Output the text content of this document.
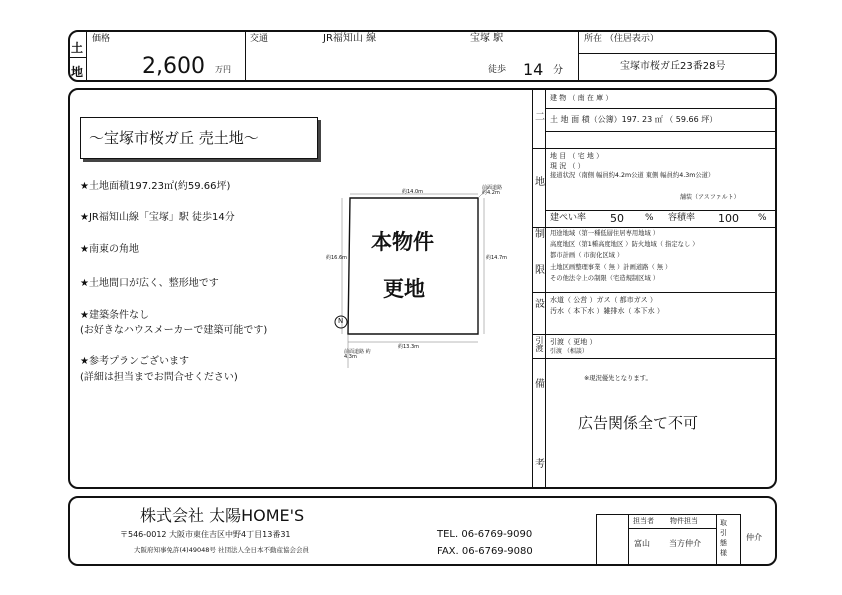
土地
価格
2,600 万円
交通	JR福知山 線	宝塚 駅
徒歩 14 分
所在 （住居表示）
宝塚市桜ガ丘23番28号
〜宝塚市桜ガ丘 売土地〜
★土地面積197.23㎡(約59.66坪)
★JR福知山線「宝塚」駅 徒歩14分
★南東の角地
★土地間口が広く、整形地です
★建築条件なし
(お好きなハウスメーカーで建築可能です)
★参考プランございます
(詳細は担当までお問合せください)
N
約14.0m
約16.6m	約14.7m
約13.3m
前面道路 約4.2m
前面道路 約4.3m
本物件
更地
二
地
制
限
設
引渡
備
考
建 物 （ 南 在 庫 ）
土 地 面 積（公簿）197. 23 ㎡ （ 59.66 坪）
地 目 （ 宅 地 ）
現 況 （ ）
接道状況（南側 幅員約4.2m公道 東側 幅員約4.3m公道）
舗装（アスファルト）
建ぺい率 50 % 容積率 100 %
用途地域（第一種低層住居専用地域 ）
高度地区（第1種高度地区 ）防火地域（ 指定なし ）
都市計画（ 市街化区域 ）
土地区画整理事業（ 無 ）計画道路（ 無 ）
その他法令上の制限（宅造規制区域 ）
水道（ 公営 ）ガス（ 都市ガス ）
汚水（ 本下水 ）雑排水（ 本下水 ）
引渡（ 更地 ）
引渡 （相談）
※現況優先となります。
広告関係全て不可
株式会社 太陽HOME'S
〒546-0012 大阪市東住吉区中野4丁目13番31
大阪府知事免許(4)49048号 社団法人全日本不動産協会会員
TEL. 06-6769-9090
FAX. 06-6769-9080
担当者 物件担当
富山 当方仲介
取引態様
仲介
